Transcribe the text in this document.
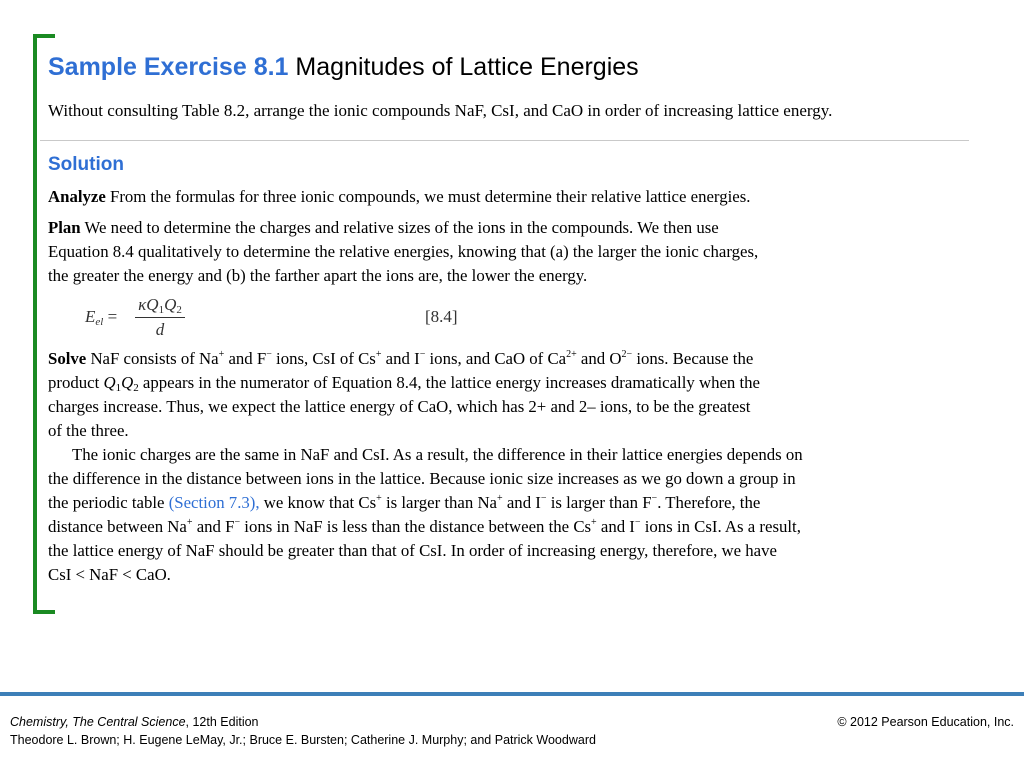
Sample Exercise 8.1 Magnitudes of Lattice Energies
Without consulting Table 8.2, arrange the ionic compounds NaF, CsI, and CaO in order of increasing lattice energy.
Solution
Analyze From the formulas for three ionic compounds, we must determine their relative lattice energies.
Plan We need to determine the charges and relative sizes of the ions in the compounds. We then use
Equation 8.4 qualitatively to determine the relative energies, knowing that (a) the larger the ionic charges,
the greater the energy and (b) the farther apart the ions are, the lower the energy.
$E_{el}$ =
$\kappa Q_1Q_2$
d
[8.4]
Solve NaF consists of Na+ and F− ions, CsI of Cs+ and I− ions, and CaO of $Ca^{2+}$ and $O^{2-}$ ions. Because the
product $Q_1Q_2$ appears in the numerator of Equation 8.4, the lattice energy increases dramatically when the
charges increase. Thus, we expect the lattice energy of CaO, which has 2+ and 2– ions, to be the greatest
of the three.
The ionic charges are the same in NaF and CsI. As a result, the difference in their lattice energies depends on
the difference in the distance between ions in the lattice. Because ionic size increases as we go down a group in
the periodic table (Section 7.3), we know that Cs+ is larger than Na+ and I− is larger than F−. Therefore, the
distance between Na+ and F− ions in NaF is less than the distance between the Cs+ and I− ions in CsI. As a result,
the lattice energy of NaF should be greater than that of CsI. In order of increasing energy, therefore, we have
CsI < NaF < CaO.
Chemistry, The Central Science, 12th Edition
Theodore L. Brown; H. Eugene LeMay, Jr.; Bruce E. Bursten; Catherine J. Murphy; and Patrick Woodward
© 2012 Pearson Education, Inc.
